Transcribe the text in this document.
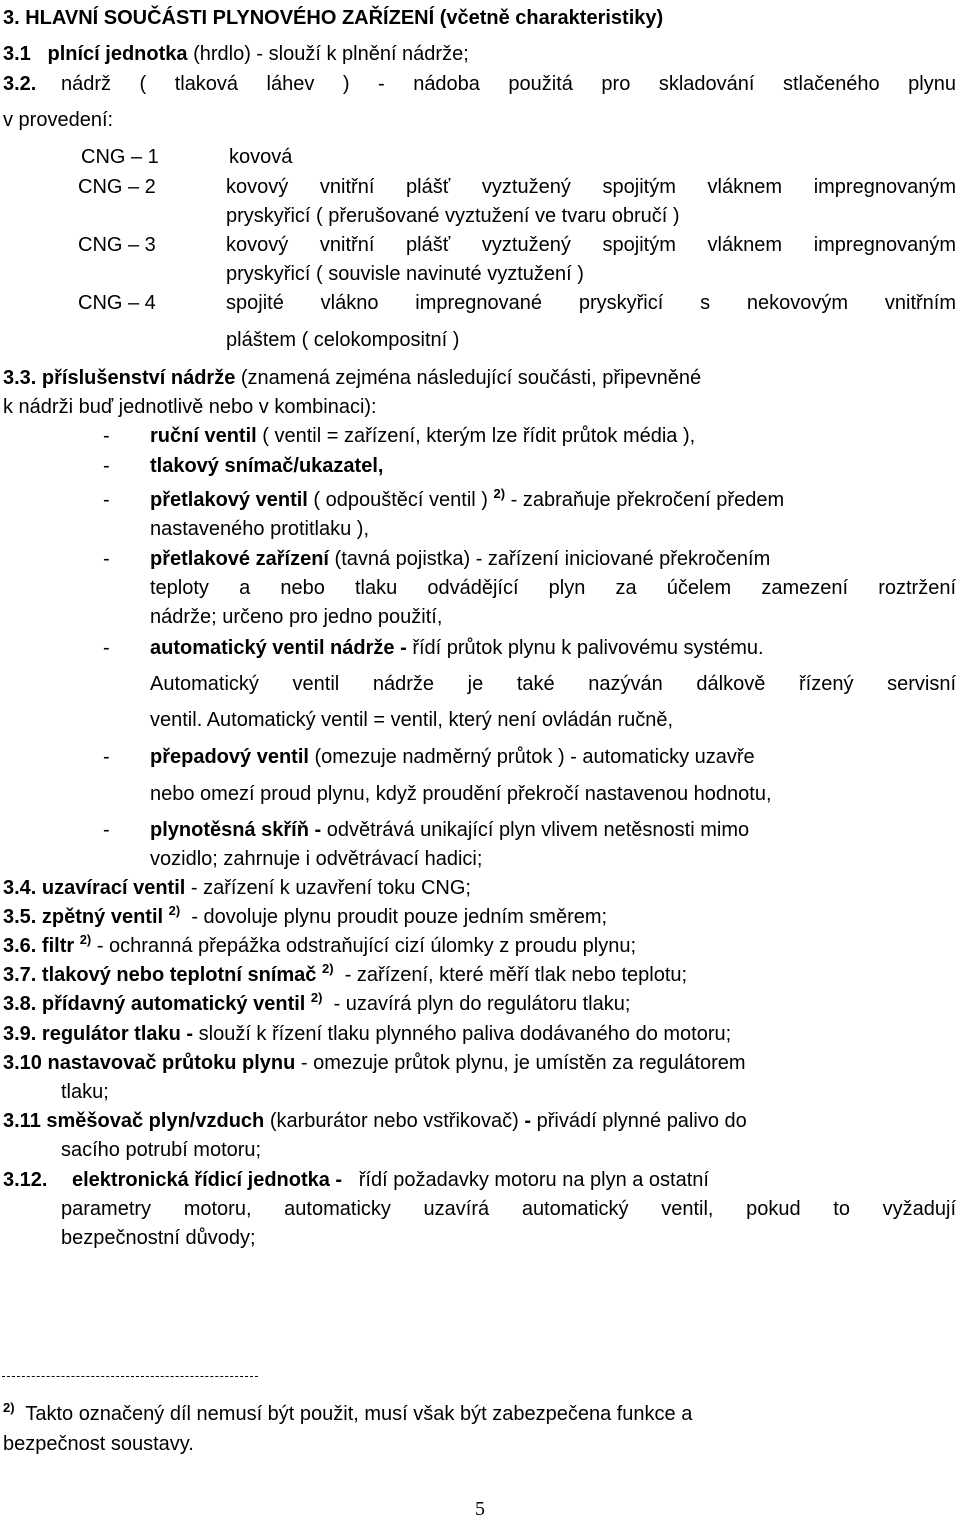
3. HLAVNÍ SOUČÁSTI PLYNOVÉHO ZAŘÍZENÍ (včetně charakteristiky)
3.1 plnící jednotka (hrdlo) - slouží k plnění nádrže;
3.2. nádrž ( tlaková láhev ) - nádoba použitá pro skladování stlačeného plynu
v provedení:
CNG – 1	kovová
CNG – 2	kovový vnitřní plášť vyztužený spojitým vláknem impregnovaným
pryskyřicí ( přerušované vyztužení ve tvaru obručí )
CNG – 3	kovový vnitřní plášť vyztužený spojitým vláknem impregnovaným
pryskyřicí ( souvisle navinuté vyztužení )
CNG – 4	spojité vlákno impregnované pryskyřicí s nekovovým vnitřním
pláštem ( celokompositní )
3.3. příslušenství nádrže (znamená zejména následující součásti, připevněné
k nádrži buď jednotlivě nebo v kombinaci):
- ruční ventil ( ventil = zařízení, kterým lze řídit průtok média ),
- tlakový snímač/ukazatel,
- přetlakový ventil ( odpouštěcí ventil ) $^{2)}$ - zabraňuje překročení předem
nastaveného protitlaku ),
- přetlakové zařízení (tavná pojistka) - zařízení iniciované překročením
teploty a nebo tlaku odvádějící plyn za účelem zamezení roztržení
nádrže; určeno pro jedno použití,
- automatický ventil nádrže - řídí průtok plynu k palivovému systému.
Automatický ventil nádrže je také nazýván dálkově řízený servisní
ventil. Automatický ventil = ventil, který není ovládán ručně,
- přepadový ventil (omezuje nadměrný průtok ) - automaticky uzavře
nebo omezí proud plynu, když proudění překročí nastavenou hodnotu,
- plynotěsná skříň - odvětrává unikající plyn vlivem netěsnosti mimo
vozidlo; zahrnuje i odvětrávací hadici;
3.4. uzavírací ventil - zařízení k uzavření toku CNG;
3.5. zpětný ventil $^{2)}$ - dovoluje plynu proudit pouze jedním směrem;
3.6. filtr $^{2)}$ - ochranná přepážka odstraňující cizí úlomky z proudu plynu;
3.7. tlakový nebo teplotní snímač $^{2)}$ - zařízení, které měří tlak nebo teplotu;
3.8. přídavný automatický ventil $^{2)}$ - uzavírá plyn do regulátoru tlaku;
3.9. regulátor tlaku - slouží k řízení tlaku plynného paliva dodávaného do motoru;
3.10 nastavovač průtoku plynu - omezuje průtok plynu, je umístěn za regulátorem
tlaku;
3.11 směšovač plyn/vzduch (karburátor nebo vstřikovač) - přivádí plynné palivo do
sacího potrubí motoru;
3.12. elektronická řídicí jednotka - řídí požadavky motoru na plyn a ostatní
parametry motoru, automaticky uzavírá automatický ventil, pokud to vyžadují
bezpečnostní důvody;
$^{2)}$ Takto označený díl nemusí být použit, musí však být zabezpečena funkce a
bezpečnost soustavy.
5
